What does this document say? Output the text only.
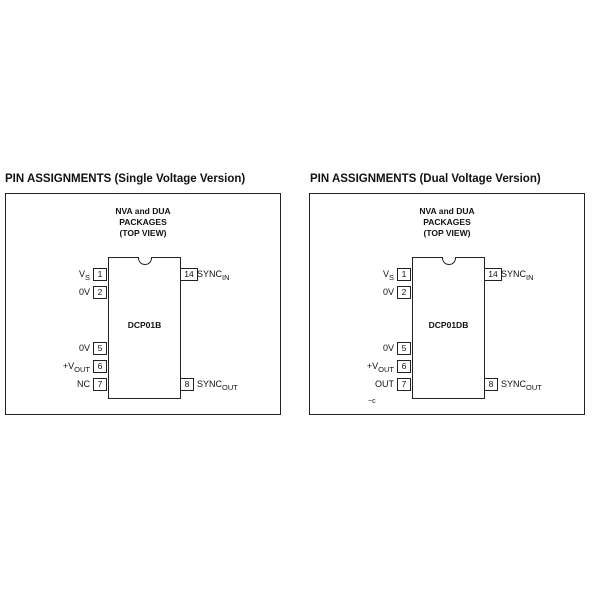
PIN ASSIGNMENTS (Single Voltage Version)	PIN ASSIGNMENTS (Dual Voltage Version)
NVA and DUA
PACKAGES
(TOP VIEW)
DCP01B
1
$V_S$
2
0V
5
0V
6
$+V_{OUT}$
7
NC
14 $SYNC_{IN}$
8 $SYNC_{OUT}$
NVA and DUA
PACKAGES
(TOP VIEW)
DCP01DB
1
$V_S$
2
0V
5
0V
6
$+V_{OUT}$
7
OUT
14 $SYNC_{IN}$
8 $SYNC_{OUT}$
−c
